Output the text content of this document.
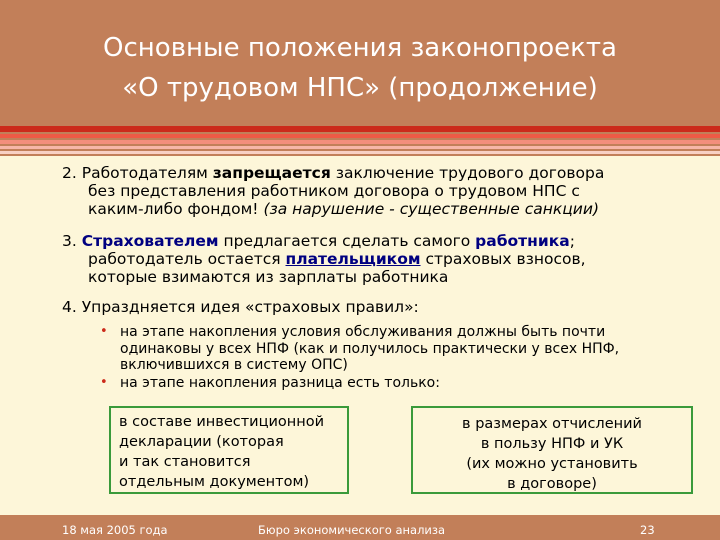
Основные положения законопроекта
«О трудовом НПС» (продолжение)
2. Работодателям запрещается заключение трудового договора
без представления работником договора о трудовом НПС с
каким-либо фондом! (за нарушение - существенные санкции)
3. Страхователем предлагается сделать самого работника;
работодатель остается плательщиком страховых взносов,
которые взимаются из зарплаты работника
4. Упраздняется идея «страховых правил»:
• на этапе накопления условия обслуживания должны быть почти
одинаковы у всех НПФ (как и получилось практически у всех НПФ,
включившихся в систему ОПС)
• на этапе накопления разница есть только:
в составе инвестиционной
декларации (которая
и так становится
отдельным документом)
в размерах отчислений
в пользу НПФ и УК
(их можно установить
в договоре)
18 мая 2005 года	Бюро экономического анализа	23
